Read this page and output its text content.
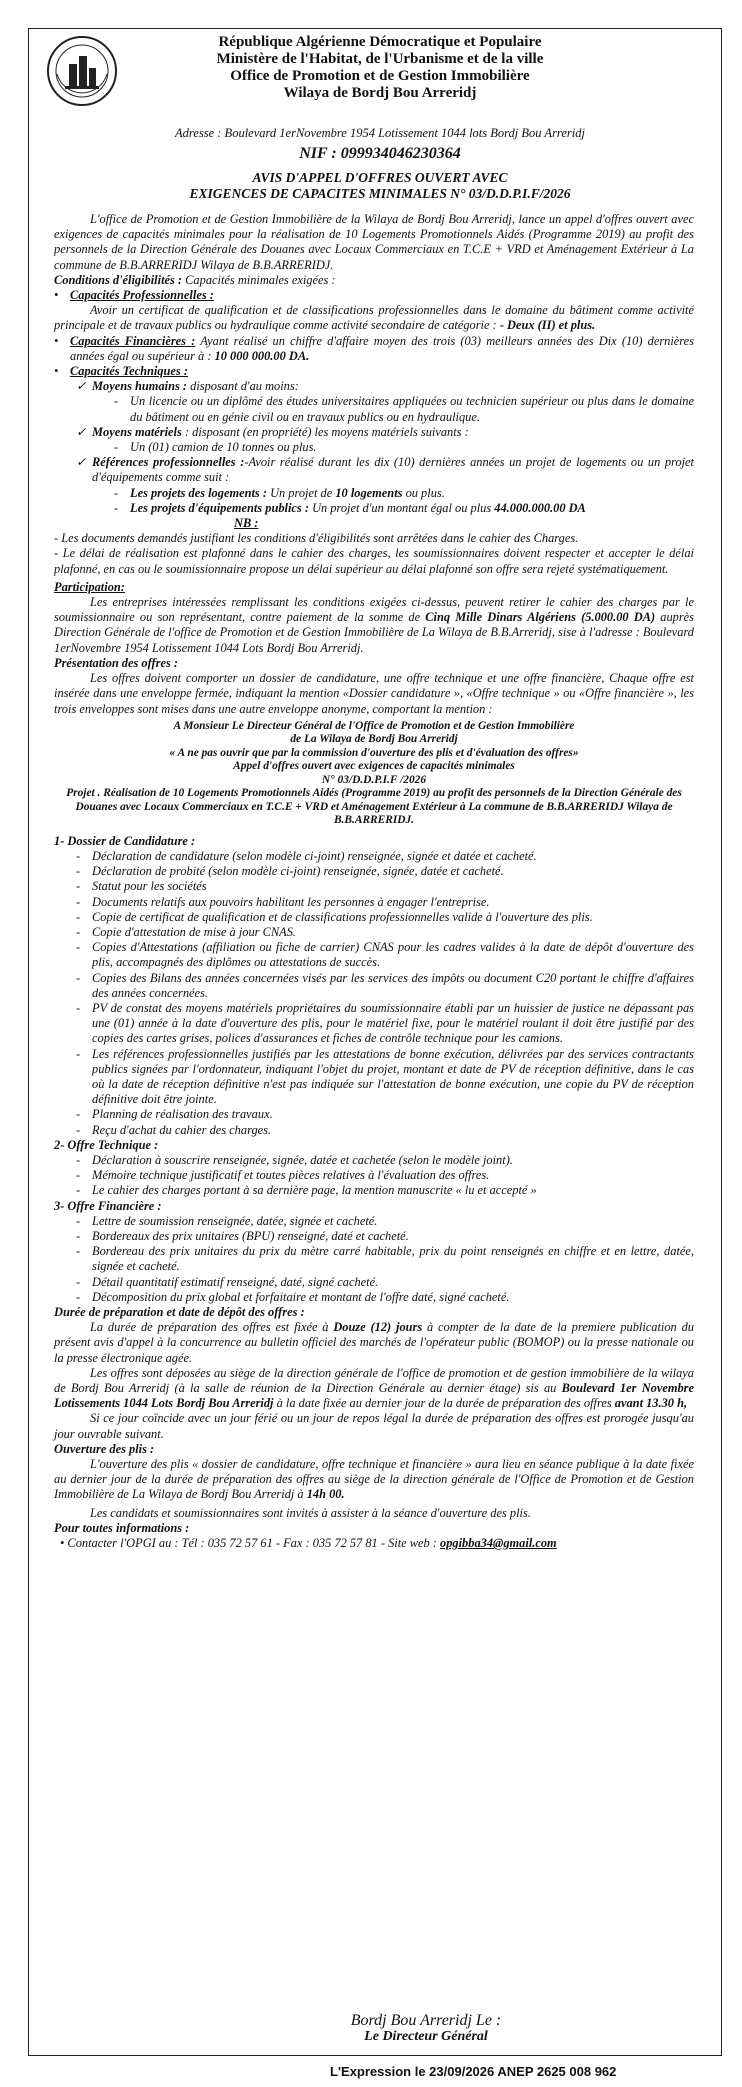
République Algérienne Démocratique et Populaire
Ministère de l'Habitat, de l'Urbanisme et de la ville
Office de Promotion et de Gestion Immobilière
Wilaya de Bordj Bou Arreridj
Adresse : Boulevard 1erNovembre 1954 Lotissement 1044 lots Bordj Bou Arreridj
NIF : 099934046230364
AVIS D'APPEL D'OFFRES OUVERT AVEC
EXIGENCES DE CAPACITES MINIMALES N° 03/D.D.P.I.F/2026

L'office de Promotion et de Gestion Immobilière de la Wilaya de Bordj Bou Arreridj, lance un appel d'offres ouvert avec exigences de capacités minimales pour la réalisation de 10 Logements Promotionnels Aidés (Programme 2019) au profit des personnels de la Direction Générale des Douanes avec Locaux Commerciaux en T.C.E + VRD et Aménagement Extérieur à La commune de B.B.ARRERIDJ Wilaya de B.B.ARRERIDJ.

Conditions d'éligibilités : Capacités minimales exigées :

• Capacités Professionnelles :

Avoir un certificat de qualification et de classifications professionnelles dans le domaine du bâtiment comme activité principale et de travaux publics ou hydraulique comme activité secondaire de catégorie : - Deux (II) et plus.

• Capacités Financières : Ayant réalisé un chiffre d'affaire moyen des trois (03) meilleurs années des Dix (10) dernières années égal ou supérieur à : 10 000 000.00 DA.
• Capacités Techniques :
✓ Moyens humains : disposant d'au moins:
- Un licencie ou un diplômé des études universitaires appliquées ou technicien supérieur ou plus dans le domaine du bâtiment ou en génie civil ou en travaux publics ou en hydraulique.
✓ Moyens matériels : disposant (en propriété) les moyens matériels suivants :
- Un (01) camion de 10 tonnes ou plus.
✓ Références professionnelles :-Avoir réalisé durant les dix (10) dernières années un projet de logements ou un projet d'équipements comme suit :
- Les projets des logements : Un projet de 10 logements ou plus.
- Les projets d'équipements publics : Un projet d'un montant égal ou plus 44.000.000.00 DA

NB :

- Les documents demandés justifiant les conditions d'éligibilités sont arrêtées dans le cahier des Charges.

- Le délai de réalisation est plafonné dans le cahier des charges, les soumissionnaires doivent respecter et accepter le délai plafonné, en cas ou le soumissionnaire propose un délai supérieur au délai plafonné son offre sera rejeté systématiquement.

Participation:

Les entreprises intéressées remplissant les conditions exigées ci-dessus, peuvent retirer le cahier des charges par le soumissionnaire ou son représentant, contre paiement de la somme de Cinq Mille Dinars Algériens (5.000.00 DA) auprès Direction Générale de l'office de Promotion et de Gestion Immobilière de La Wilaya de B.B.Arreridj, sise à l'adresse : Boulevard 1erNovembre 1954 Lotissement 1044 Lots Bordj Bou Arreridj.

Présentation des offres :

Les offres doivent comporter un dossier de candidature, une offre technique et une offre financière, Chaque offre est insérée dans une enveloppe fermée, indiquant la mention «Dossier candidature », «Offre technique » ou «Offre financière », les trois enveloppes sont mises dans une autre enveloppe anonyme, comportant la mention :

A Monsieur Le Directeur Général de l'Office de Promotion et de Gestion Immobilière

de La Wilaya de Bordj Bou Arreridj

« A ne pas ouvrir que par la commission d'ouverture des plis et d'évaluation des offres»

Appel d'offres ouvert avec exigences de capacités minimales

N° 03/D.D.P.I.F /2026

Projet . Réalisation de 10 Logements Promotionnels Aidés (Programme 2019) au profit des personnels de la Direction Générale des Douanes avec Locaux Commerciaux en T.C.E + VRD et Aménagement Extérieur à La commune de B.B.ARRERIDJ Wilaya de B.B.ARRERIDJ.

1- Dossier de Candidature :

- Déclaration de candidature (selon modèle ci-joint) renseignée, signée et datée et cacheté.
- Déclaration de probité (selon modèle ci-joint) renseignée, signée, datée et cacheté.
- Statut pour les sociétés
- Documents relatifs aux pouvoirs habilitant les personnes à engager l'entreprise.
- Copie de certificat de qualification et de classifications professionnelles valide à l'ouverture des plis.
- Copie d'attestation de mise à jour CNAS.
- Copies d'Attestations (affiliation ou fiche de carrier) CNAS pour les cadres valides à la date de dépôt d'ouverture des plis, accompagnés des diplômes ou attestations de succès.
- Copies des Bilans des années concernées visés par les services des impôts ou document C20 portant le chiffre d'affaires des années concernées.
- PV de constat des moyens matériels propriétaires du soumissionnaire établi par un huissier de justice ne dépassant pas une (01) année à la date d'ouverture des plis, pour le matériel fixe, pour le matériel roulant il doit être justifié par des copies des cartes grises, polices d'assurances et fiches de contrôle technique pour les camions.
- Les références professionnelles justifiés par les attestations de bonne exécution, délivrées par des services contractants publics signées par l'ordonnateur, indiquant l'objet du projet, montant et date de PV de réception définitive, dans le cas où la date de réception définitive n'est pas indiquée sur l'attestation de bonne exécution, une copie du PV de réception définitive doit être jointe.
- Planning de réalisation des travaux.
- Reçu d'achat du cahier des charges.

2- Offre Technique :

- Déclaration à souscrire renseignée, signée, datée et cachetée (selon le modèle joint).
- Mémoire technique justificatif et toutes pièces relatives à l'évaluation des offres.
- Le cahier des charges portant à sa dernière page, la mention manuscrite « lu et accepté »

3- Offre Financière :

- Lettre de soumission renseignée, datée, signée et cacheté.
- Bordereaux des prix unitaires (BPU) renseigné, daté et cacheté.
- Bordereau des prix unitaires du prix du mètre carré habitable, prix du point renseignés en chiffre et en lettre, datée, signée et cacheté.
- Détail quantitatif estimatif renseigné, daté, signé cacheté.
- Décomposition du prix global et forfaitaire et montant de l'offre daté, signé cacheté.

Durée de préparation et date de dépôt des offres :

La durée de préparation des offres est fixée à Douze (12) jours à compter de la date de la premiere publication du présent avis d'appel à la concurrence au bulletin officiel des marchés de l'opérateur public (BOMOP) ou la presse nationale ou la presse électronique agée.

Les offres sont déposées au siège de la direction générale de l'office de promotion et de gestion immobilière de la wilaya de Bordj Bou Arreridj (à la salle de réunion de la Direction Générale au dernier étage) sis au Boulevard 1er Novembre Lotissements 1044 Lots Bordj Bou Arreridj à la date fixée au dernier jour de la durée de préparation des offres avant 13.30 h,

Si ce jour coïncide avec un jour férié ou un jour de repos légal la durée de préparation des offres est prorogée jusqu'au jour ouvrable suivant.

Ouverture des plis :

L'ouverture des plis « dossier de candidature, offre technique et financière » aura lieu en séance publique à la date fixée au dernier jour de la durée de préparation des offres au siège de la direction générale de l'Office de Promotion et de Gestion Immobilière de La Wilaya de Bordj Bou Arreridj à 14h 00.

Les candidats et soumissionnaires sont invités à assister à la séance d'ouverture des plis.

Pour toutes informations :

• Contacter l'OPGI au : Tél : 035 72 57 61 - Fax : 035 72 57 81 - Site web : opgibba34@gmail.com

Bordj Bou Arreridj Le :
Le Directeur Général
L'Expression le 23/09/2026 ANEP 2625 008 962
